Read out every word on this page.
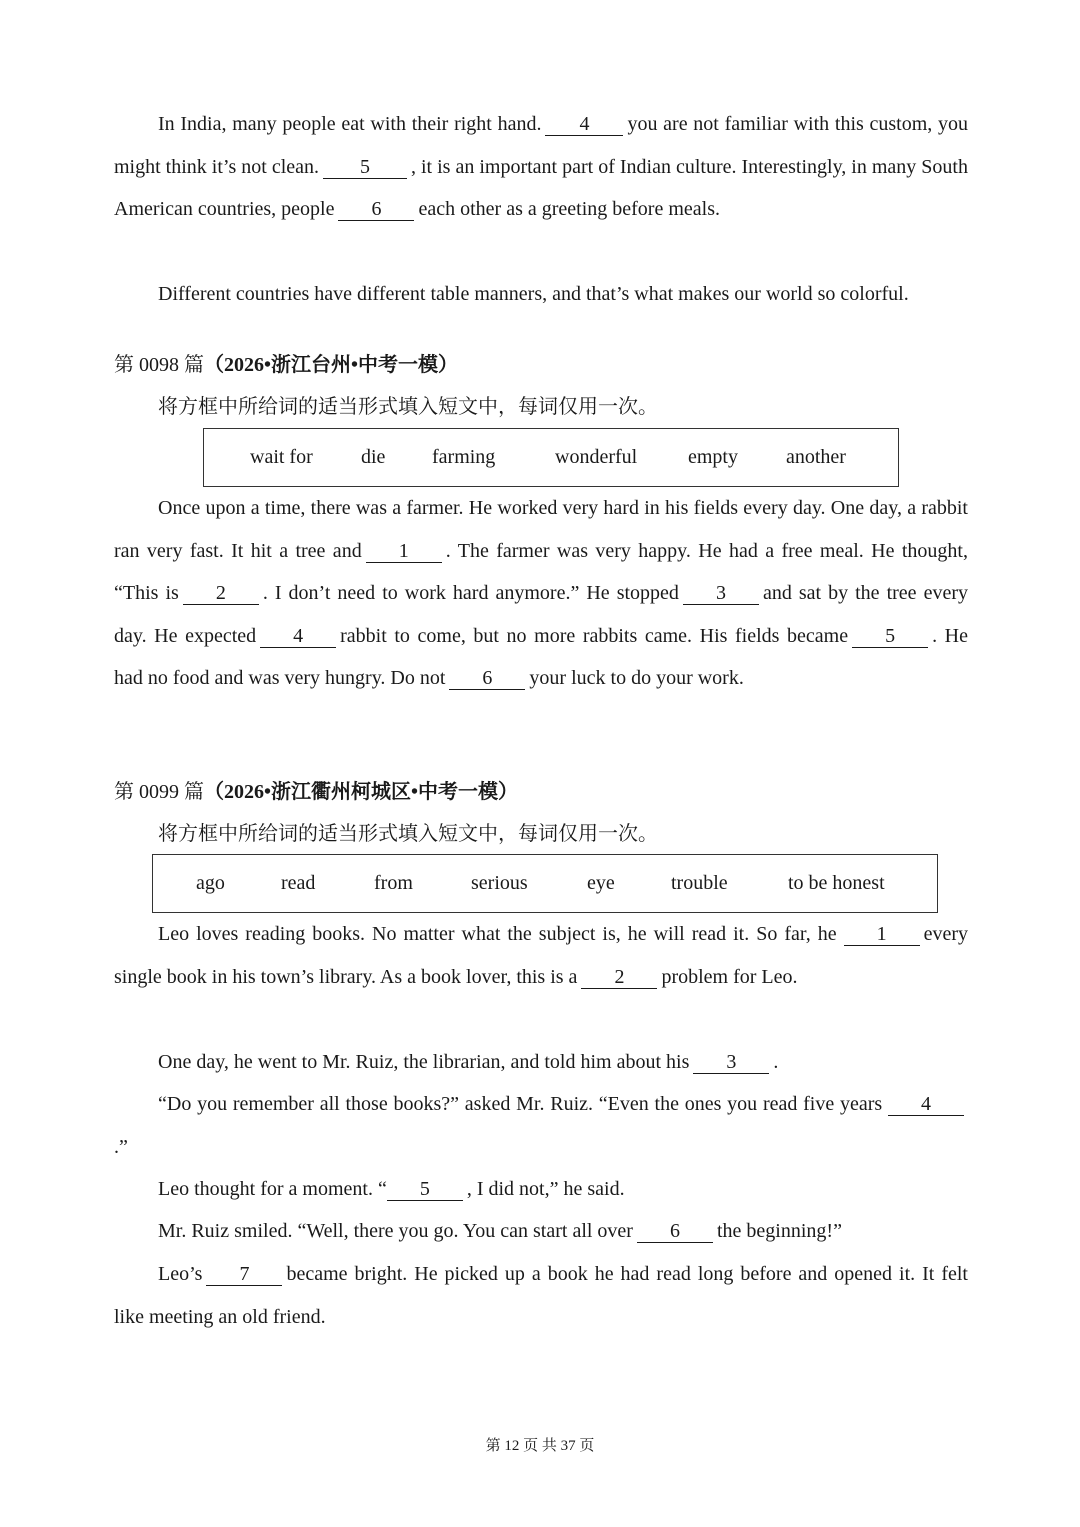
In India, many people eat with their right hand. 4 you are not familiar with this custom, you might think it’s not clean. 5 , it is an important part of Indian culture. Interestingly, in many South American countries, people 6 each other as a greeting before meals.

Different countries have different table manners, and that’s what makes our world so colorful.

第 0098 篇（2026•浙江台州•中考一模）

将方框中所给词的适当形式填入短文中，每词仅用一次。

wait for die farming	wonderful	empty another

Once upon a time, there was a farmer. He worked very hard in his fields every day. One day, a rabbit ran very fast. It hit a tree and 1 . The farmer was very happy. He had a free meal. He thought, “This is 2 . I don’t need to work hard anymore.” He stopped 3 and sat by the tree every day. He expected 4 rabbit to come, but no more rabbits came. His fields became 5 . He had no food and was very hungry. Do not 6 your luck to do your work.

第 0099 篇（2026•浙江衢州柯城区•中考一模）

将方框中所给词的适当形式填入短文中，每词仅用一次。

ago	read	from	serious	eye	trouble	to be honest

Leo loves reading books. No matter what the subject is, he will read it. So far, he 1 every single book in his town’s library. As a book lover, this is a 2 problem for Leo.

One day, he went to Mr. Ruiz, the librarian, and told him about his 3 .

“Do you remember all those books?” asked Mr. Ruiz. “Even the ones you read five years 4.”

Leo thought for a moment. “ 5 , I did not,” he said.

Mr. Ruiz smiled. “Well, there you go. You can start all over 6 the beginning!”

Leo’s 7 became bright. He picked up a book he had read long before and opened it. It felt like meeting an old friend.

第 12 页 共 37 页
